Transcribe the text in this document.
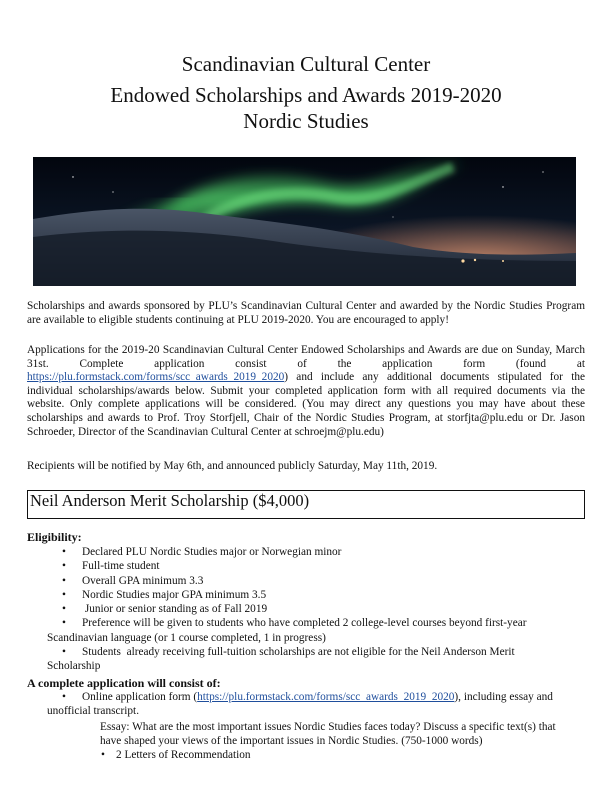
Scandinavian Cultural Center
Endowed Scholarships and Awards 2019-2020
Nordic Studies
Scholarships and awards sponsored by PLU’s Scandinavian Cultural Center and awarded by the Nordic Studies Program are available to eligible students continuing at PLU 2019-2020. You are encouraged to apply!
Applications for the 2019-20 Scandinavian Cultural Center Endowed Scholarships and Awards are due on Sunday, March 31st. Complete application consist of the application form (found at https://plu.formstack.com/forms/scc_awards_2019_2020) and include any additional documents stipulated for the individual scholarships/awards below. Submit your completed application form with all required documents via the website. Only complete applications will be considered. (You may direct any questions you may have about these scholarships and awards to Prof. Troy Storfjell, Chair of the Nordic Studies Program, at storfjta@plu.edu or Dr. Jason Schroeder, Director of the Scandinavian Cultural Center at schroejm@plu.edu)
Recipients will be notified by May 6th, and announced publicly Saturday, May 11th, 2019.
Neil Anderson Merit Scholarship ($4,000)
Eligibility:
• Declared PLU Nordic Studies major or Norwegian minor
• Full-time student
• Overall GPA minimum 3.3
• Nordic Studies major GPA minimum 3.5
• Junior or senior standing as of Fall 2019
• Preference will be given to students who have completed 2 college-level courses beyond first-year
Scandinavian language (or 1 course completed, 1 in progress)
• Students  already receiving full-tuition scholarships are not eligible for the Neil Anderson Merit
Scholarship
A complete application will consist of:
•	Online application form (https://plu.formstack.com/forms/scc_awards_2019_2020), including essay and
unofficial transcript.
Essay: What are the most important issues Nordic Studies faces today? Discuss a specific text(s) that
have shaped your views of the important issues in Nordic Studies. (750-1000 words)
• 2 Letters of Recommendation
